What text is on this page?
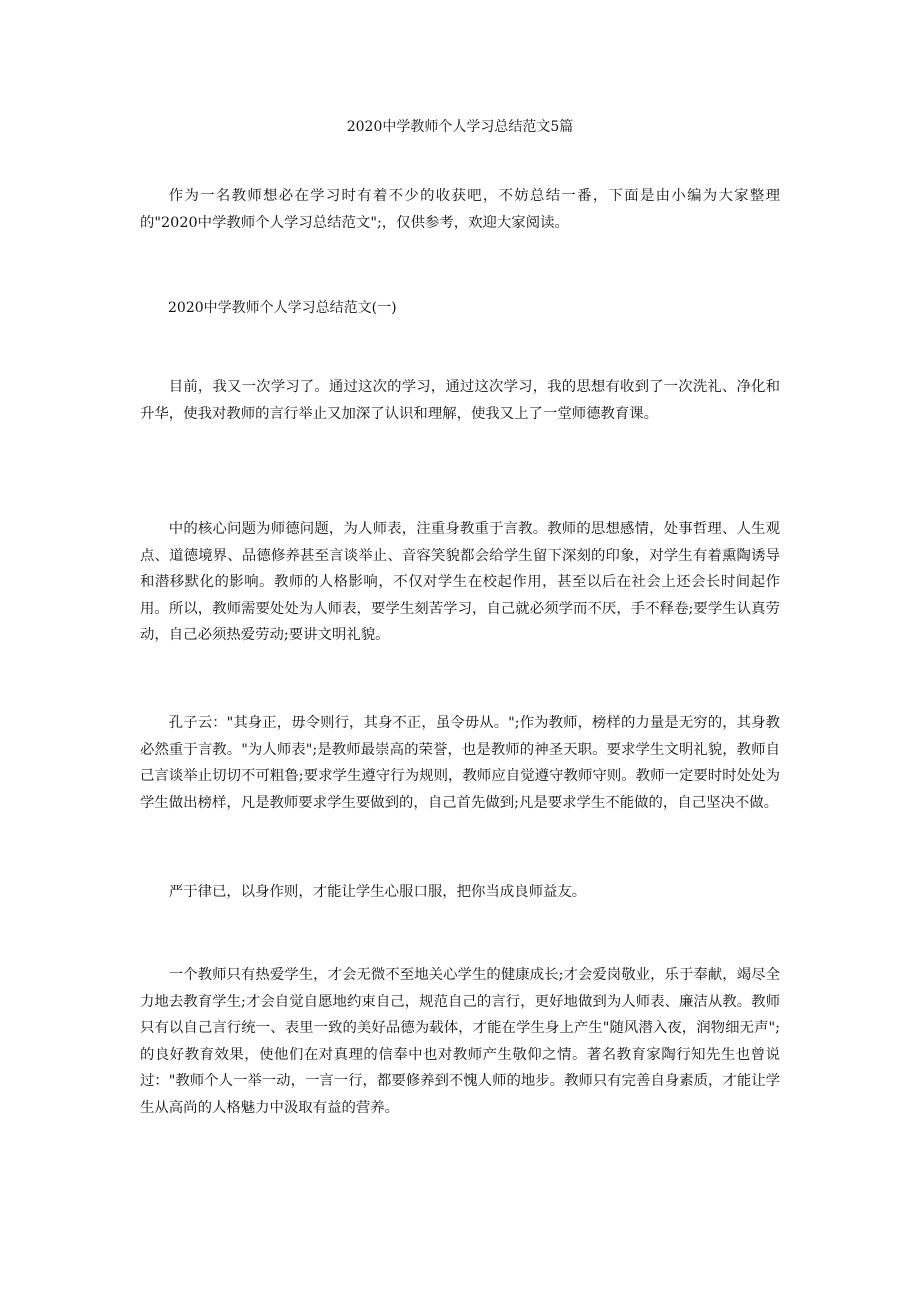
2020中学教师个人学习总结范文5篇

作为一名教师想必在学习时有着不少的收获吧，不妨总结一番，下面是由小编为大家整理的"2020中学教师个人学习总结范文";，仅供参考，欢迎大家阅读。

2020中学教师个人学习总结范文(一)

目前，我又一次学习了。通过这次的学习，通过这次学习，我的思想有收到了一次洗礼、净化和升华，使我对教师的言行举止又加深了认识和理解，使我又上了一堂师德教育课。

中的核心问题为师德问题，为人师表，注重身教重于言教。教师的思想感情，处事哲理、人生观点、道德境界、品德修养甚至言谈举止、音容笑貌都会给学生留下深刻的印象，对学生有着熏陶诱导和潜移默化的影响。教师的人格影响，不仅对学生在校起作用，甚至以后在社会上还会长时间起作用。所以，教师需要处处为人师表，要学生刻苦学习，自己就必须学而不厌，手不释卷;要学生认真劳动，自己必须热爱劳动;要讲文明礼貌。

孔子云："其身正，毋令则行，其身不正，虽令毋从。";作为教师，榜样的力量是无穷的，其身教必然重于言教。"为人师表";是教师最崇高的荣誉，也是教师的神圣天职。要求学生文明礼貌，教师自己言谈举止切切不可粗鲁;要求学生遵守行为规则，教师应自觉遵守教师守则。教师一定要时时处处为学生做出榜样，凡是教师要求学生要做到的，自己首先做到;凡是要求学生不能做的，自己坚决不做。

严于律已，以身作则，才能让学生心服口服，把你当成良师益友。

一个教师只有热爱学生，才会无微不至地关心学生的健康成长;才会爱岗敬业，乐于奉献，竭尽全力地去教育学生;才会自觉自愿地约束自己，规范自己的言行，更好地做到为人师表、廉洁从教。教师只有以自己言行统一、表里一致的美好品德为载体，才能在学生身上产生"随风潜入夜，润物细无声";的良好教育效果，使他们在对真理的信奉中也对教师产生敬仰之情。著名教育家陶行知先生也曾说过："教师个人一举一动，一言一行，都要修养到不愧人师的地步。教师只有完善自身素质，才能让学生从高尚的人格魅力中汲取有益的营养。
